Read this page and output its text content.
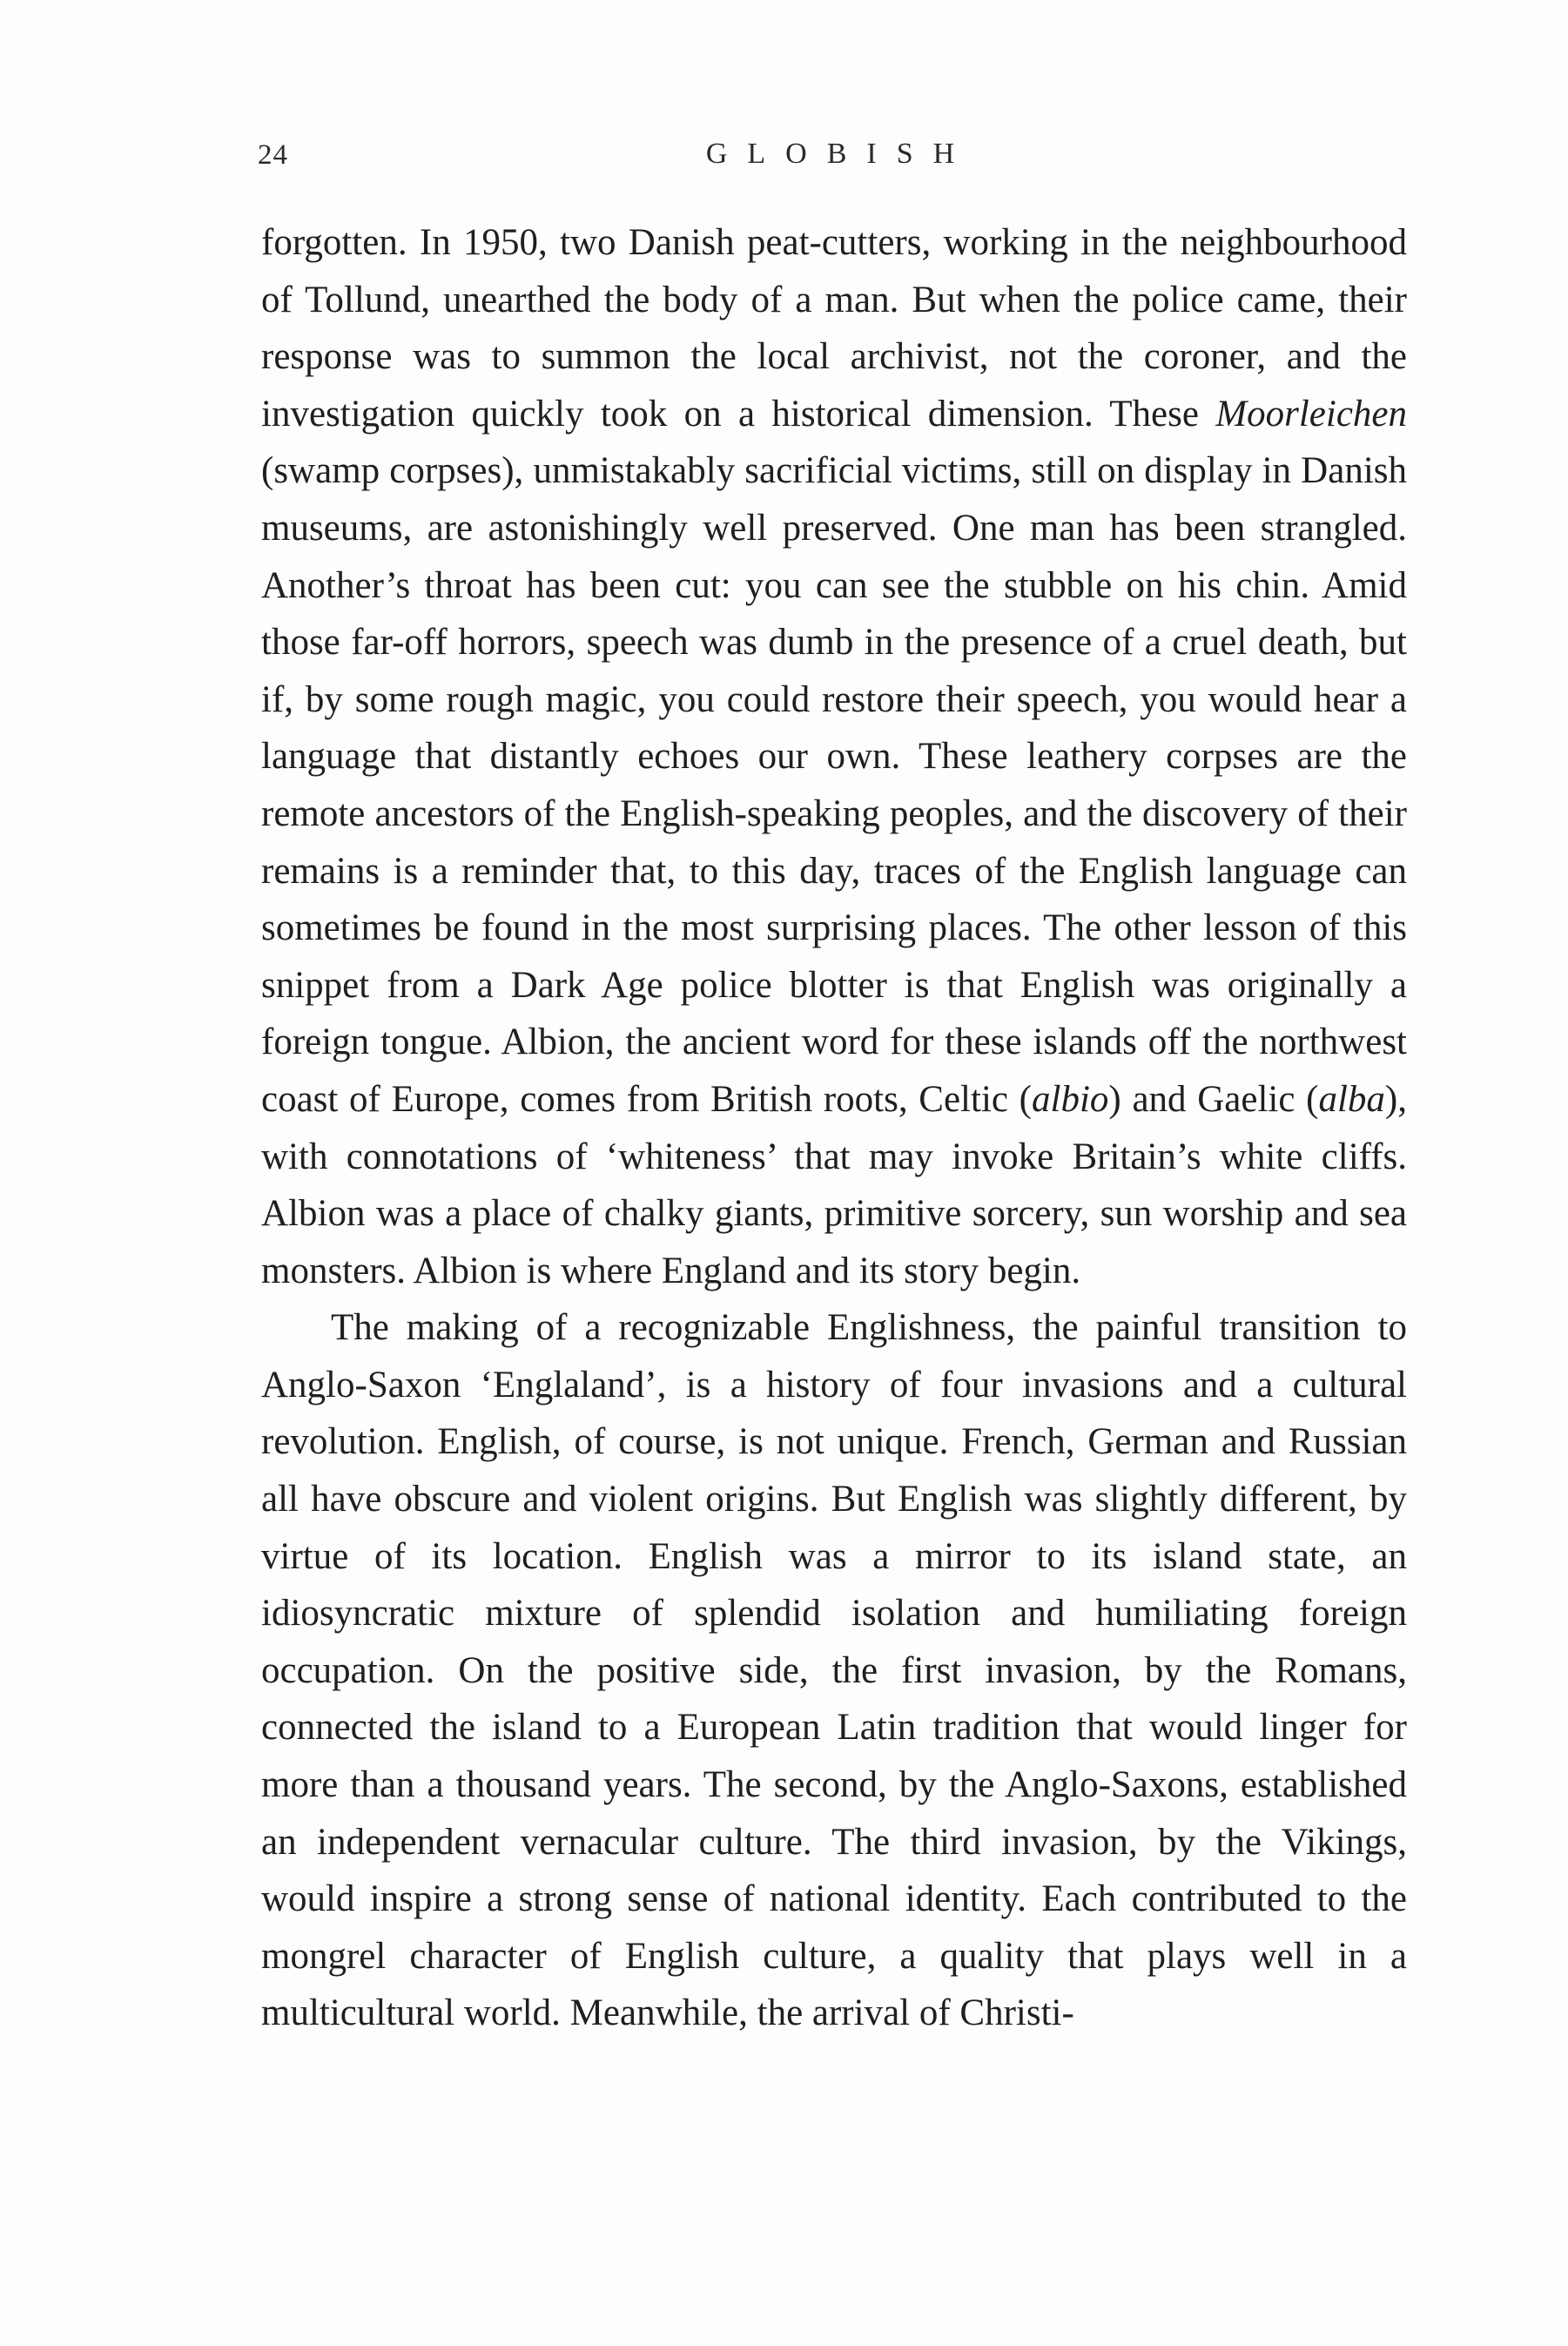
24	GLOBISH

forgotten. In 1950, two Danish peat-cutters, working in the neighbourhood of Tollund, unearthed the body of a man. But when the police came, their response was to summon the local archivist, not the coroner, and the investigation quickly took on a historical dimension. These Moorleichen (swamp corpses), unmistakably sacrificial victims, still on display in Danish museums, are astonishingly well preserved. One man has been strangled. Another’s throat has been cut: you can see the stubble on his chin. Amid those far-off horrors, speech was dumb in the presence of a cruel death, but if, by some rough magic, you could restore their speech, you would hear a language that distantly echoes our own. These leathery corpses are the remote ancestors of the English-speaking peoples, and the discovery of their remains is a reminder that, to this day, traces of the English language can sometimes be found in the most surprising places. The other lesson of this snippet from a Dark Age police blotter is that English was originally a foreign tongue. Albion, the ancient word for these islands off the northwest coast of Europe, comes from British roots, Celtic (albio) and Gaelic (alba), with connotations of ‘whiteness’ that may invoke Britain’s white cliffs. Albion was a place of chalky giants, primitive sorcery, sun worship and sea monsters. Albion is where England and its story begin.

The making of a recognizable Englishness, the painful transition to Anglo-Saxon ‘Englaland’, is a history of four invasions and a cultural revolution. English, of course, is not unique. French, German and Russian all have obscure and violent origins. But English was slightly different, by virtue of its location. English was a mirror to its island state, an idiosyncratic mixture of splendid isolation and humiliating foreign occupation. On the positive side, the first invasion, by the Romans, connected the island to a European Latin tradition that would linger for more than a thousand years. The second, by the Anglo-Saxons, established an independent vernacular culture. The third invasion, by the Vikings, would inspire a strong sense of national identity. Each contributed to the mongrel character of English culture, a quality that plays well in a multicultural world. Meanwhile, the arrival of Christi-
